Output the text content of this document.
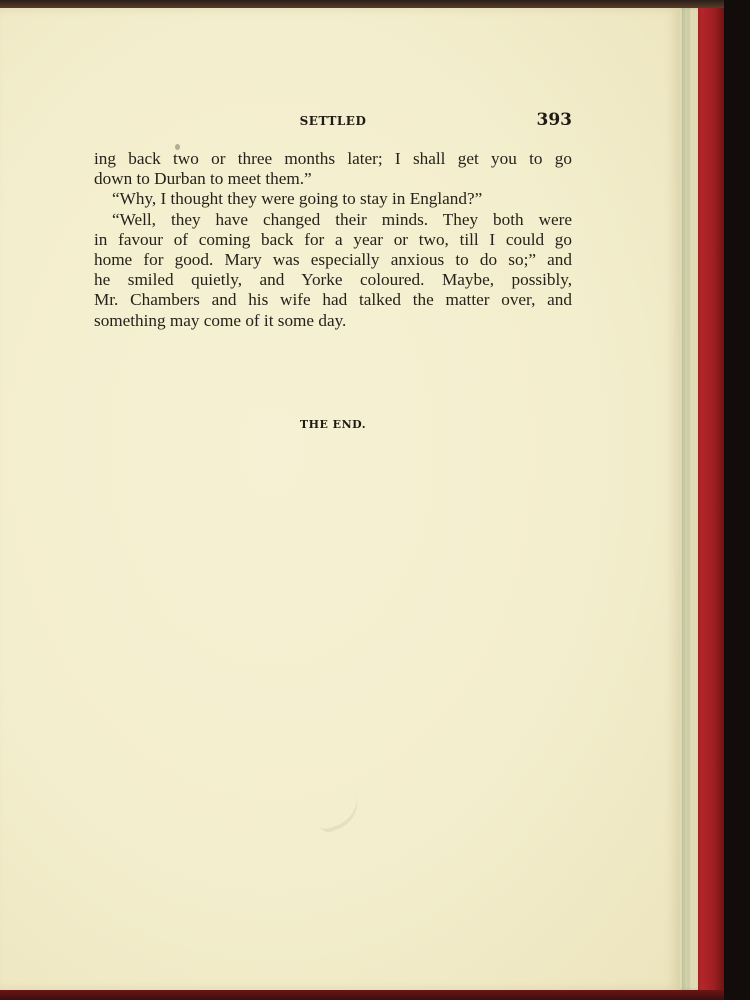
SETTLED	393
ing back two or three months later; I shall get you to go
down to Durban to meet them.”
“Why, I thought they were going to stay in England?”
“Well, they have changed their minds. They both were
in favour of coming back for a year or two, till I could go
home for good. Mary was especially anxious to do so;” and
he smiled quietly, and Yorke coloured. Maybe, possibly,
Mr. Chambers and his wife had talked the matter over, and
something may come of it some day.
THE END.
